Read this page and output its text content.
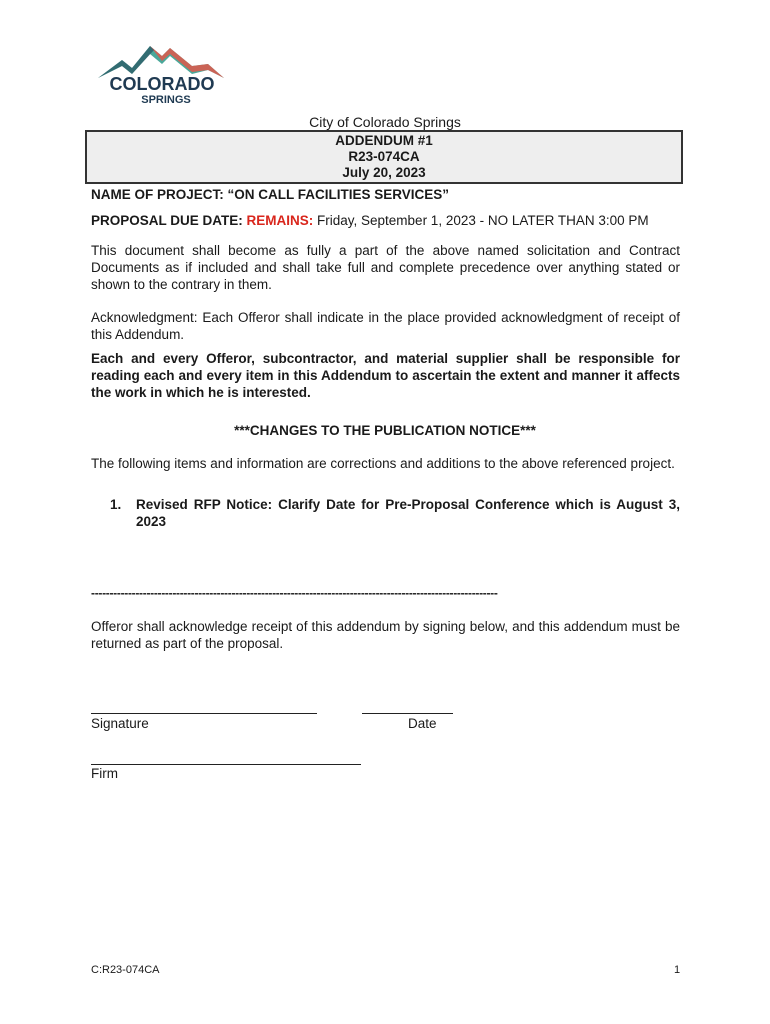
COLORADO
SPRINGS
City of Colorado Springs
ADDENDUM #1
R23-074CA
July 20, 2023
NAME OF PROJECT: “ON CALL FACILITIES SERVICES”
PROPOSAL DUE DATE: REMAINS: Friday, September 1, 2023 - NO LATER THAN 3:00 PM

This document shall become as fully a part of the above named solicitation and Contract Documents as if included and shall take full and complete precedence over anything stated or shown to the contrary in them.

Acknowledgment: Each Offeror shall indicate in the place provided acknowledgment of receipt of this Addendum.

Each and every Offeror, subcontractor, and material supplier shall be responsible for reading each and every item in this Addendum to ascertain the extent and manner it affects the work in which he is interested.

***CHANGES TO THE PUBLICATION NOTICE***
The following items and information are corrections and additions to the above referenced project.
1.	Revised RFP Notice: Clarify Date for Pre-Proposal Conference which is August 3, 2023
--------------------------------------------------------------------------------------------------------------

Offeror shall acknowledge receipt of this addendum by signing below, and this addendum must be returned as part of the proposal.

Signature	Date
Firm
C:R23-074CA	1
